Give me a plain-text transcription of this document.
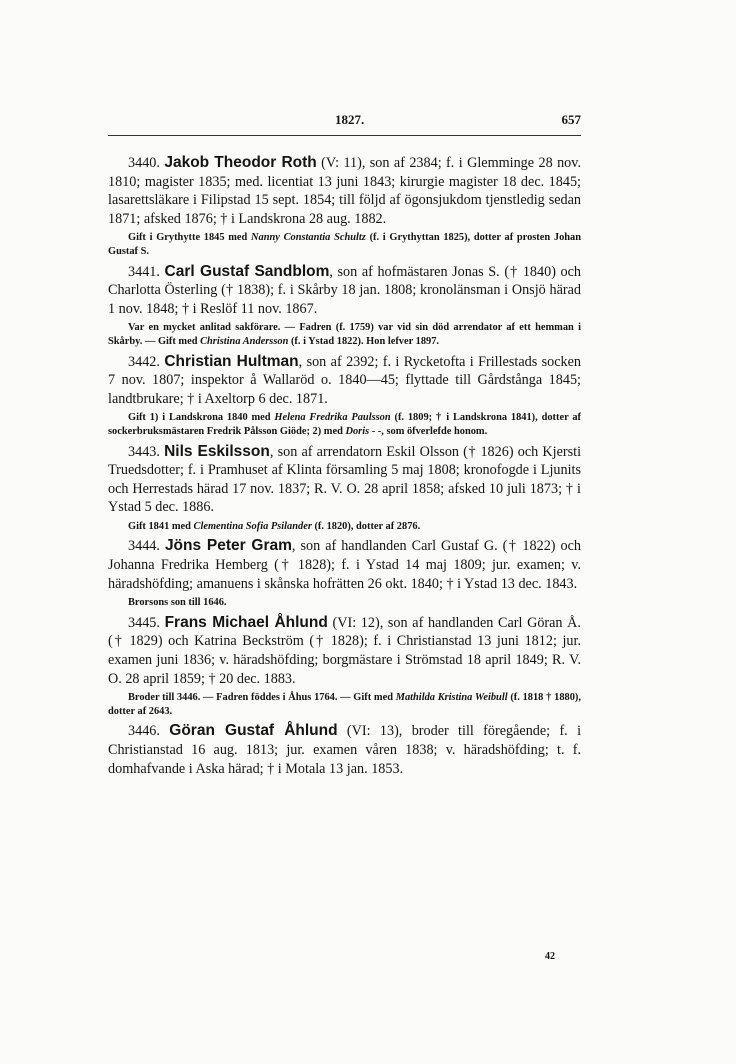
1827.	657
3440. Jakob Theodor Roth (V: 11), son af 2384; f. i Glemminge 28 nov. 1810; magister 1835; med. licentiat 13 juni 1843; kirurgie magister 18 dec. 1845; lasarettsläkare i Filipstad 15 sept. 1854; till följd af ögonsjukdom tjenstledig sedan 1871; afsked 1876; † i Landskrona 28 aug. 1882.
Gift i Grythytte 1845 med Nanny Constantia Schultz (f. i Grythyttan 1825), dotter af prosten Johan Gustaf S.
3441. Carl Gustaf Sandblom, son af hofmästaren Jonas S. († 1840) och Charlotta Österling († 1838); f. i Skårby 18 jan. 1808; kronolänsman i Onsjö härad 1 nov. 1848; † i Reslöf 11 nov. 1867.
Var en mycket anlitad sakförare. — Fadren (f. 1759) var vid sin död arrendator af ett hemman i Skårby. — Gift med Christina Andersson (f. i Ystad 1822). Hon lefver 1897.
3442. Christian Hultman, son af 2392; f. i Rycketofta i Frillestads socken 7 nov. 1807; inspektor å Wallaröd o. 1840—45; flyttade till Gårdstånga 1845; landtbrukare; † i Axeltorp 6 dec. 1871.
Gift 1) i Landskrona 1840 med Helena Fredrika Paulsson (f. 1809; † i Landskrona 1841), dotter af sockerbruksmästaren Fredrik Pålsson Giöde; 2) med Doris - -, som öfverlefde honom.
3443. Nils Eskilsson, son af arrendatorn Eskil Olsson († 1826) och Kjersti Truedsdotter; f. i Pramhuset af Klinta församling 5 maj 1808; kronofogde i Ljunits och Herrestads härad 17 nov. 1837; R. V. O. 28 april 1858; afsked 10 juli 1873; † i Ystad 5 dec. 1886.
Gift 1841 med Clementina Sofia Psilander (f. 1820), dotter af 2876.
3444. Jöns Peter Gram, son af handlanden Carl Gustaf G. († 1822) och Johanna Fredrika Hemberg († 1828); f. i Ystad 14 maj 1809; jur. examen; v. häradshöfding; amanuens i skånska hofrätten 26 okt. 1840; † i Ystad 13 dec. 1843.
Brorsons son till 1646.
3445. Frans Michael Åhlund (VI: 12), son af handlanden Carl Göran Å. († 1829) och Katrina Beckström († 1828); f. i Christianstad 13 juni 1812; jur. examen juni 1836; v. häradshöfding; borgmästare i Strömstad 18 april 1849; R. V. O. 28 april 1859; † 20 dec. 1883.
Broder till 3446. — Fadren föddes i Åhus 1764. — Gift med Mathilda Kristina Weibull (f. 1818 † 1880), dotter af 2643.
3446. Göran Gustaf Åhlund (VI: 13), broder till föregående; f. i Christianstad 16 aug. 1813; jur. examen våren 1838; v. häradshöfding; t. f. domhafvande i Aska härad; † i Motala 13 jan. 1853.
42
